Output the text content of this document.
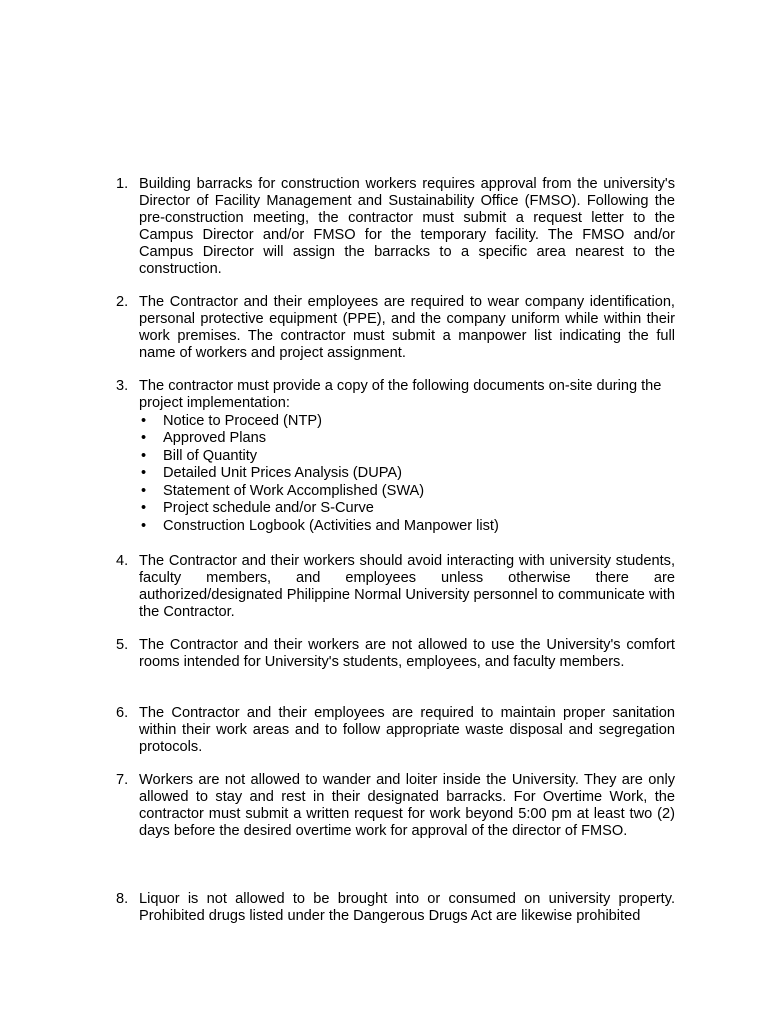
1. Building barracks for construction workers requires approval from the university's Director of Facility Management and Sustainability Office (FMSO). Following the pre-construction meeting, the contractor must submit a request letter to the Campus Director and/or FMSO for the temporary facility. The FMSO and/or Campus Director will assign the barracks to a specific area nearest to the construction.
2. The Contractor and their employees are required to wear company identification, personal protective equipment (PPE), and the company uniform while within their work premises. The contractor must submit a manpower list indicating the full name of workers and project assignment.
3. The contractor must provide a copy of the following documents on-site during the project implementation:
• Notice to Proceed (NTP)
• Approved Plans
• Bill of Quantity
• Detailed Unit Prices Analysis (DUPA)
• Statement of Work Accomplished (SWA)
• Project schedule and/or S-Curve
• Construction Logbook (Activities and Manpower list)
4. The Contractor and their workers should avoid interacting with university students, faculty members, and employees unless otherwise there are authorized/designated Philippine Normal University personnel to communicate with the Contractor.
5. The Contractor and their workers are not allowed to use the University's comfort rooms intended for University's students, employees, and faculty members.
6. The Contractor and their employees are required to maintain proper sanitation within their work areas and to follow appropriate waste disposal and segregation protocols.
7. Workers are not allowed to wander and loiter inside the University. They are only allowed to stay and rest in their designated barracks. For Overtime Work, the contractor must submit a written request for work beyond 5:00 pm at least two (2) days before the desired overtime work for approval of the director of FMSO.
8. Liquor is not allowed to be brought into or consumed on university property. Prohibited drugs listed under the Dangerous Drugs Act are likewise prohibited
